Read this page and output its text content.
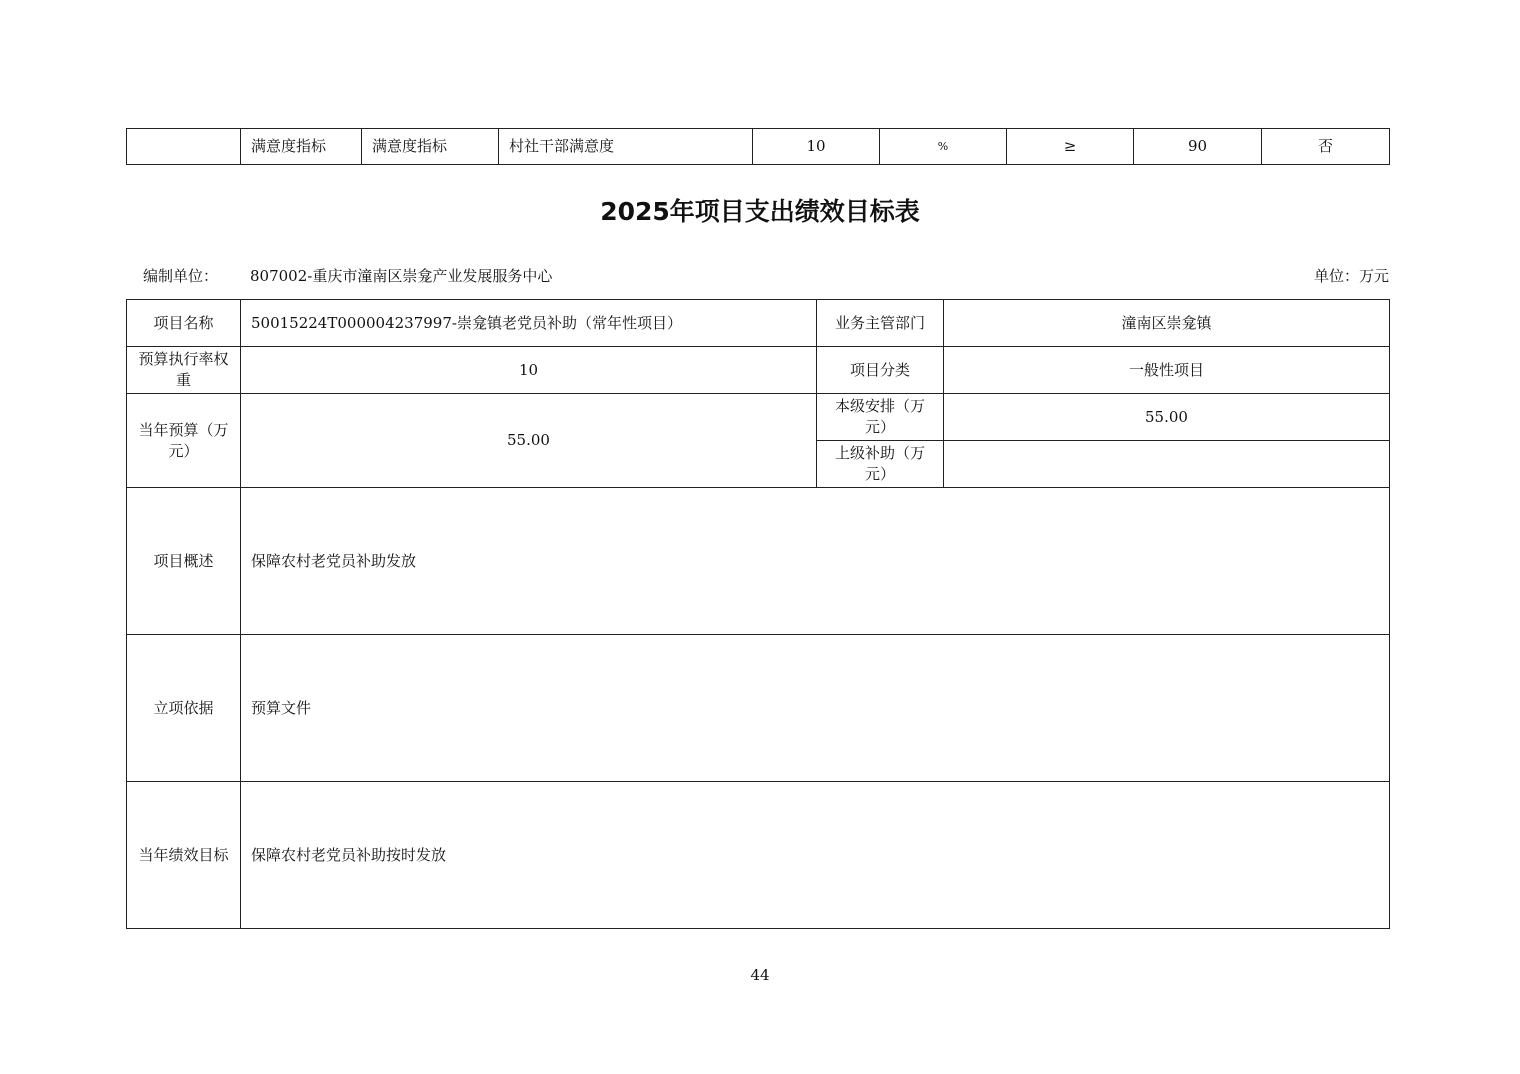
	满意度指标	满意度指标	村社干部满意度	10	%	≥	90	否
2025年项目支出绩效目标表
编制单位： 807002-重庆市潼南区崇龛产业发展服务中心	单位：万元
项目名称	50015224T000004237997-崇龛镇老党员补助（常年性项目）	业务主管部门	潼南区崇龛镇
预算执行率权重	10	项目分类	一般性项目
当年预算（万元）	55.00	本级安排（万元）	55.00
		上级补助（万元）	
项目概述	保障农村老党员补助发放		
立项依据	预算文件		
当年绩效目标	保障农村老党员补助按时发放		
44
